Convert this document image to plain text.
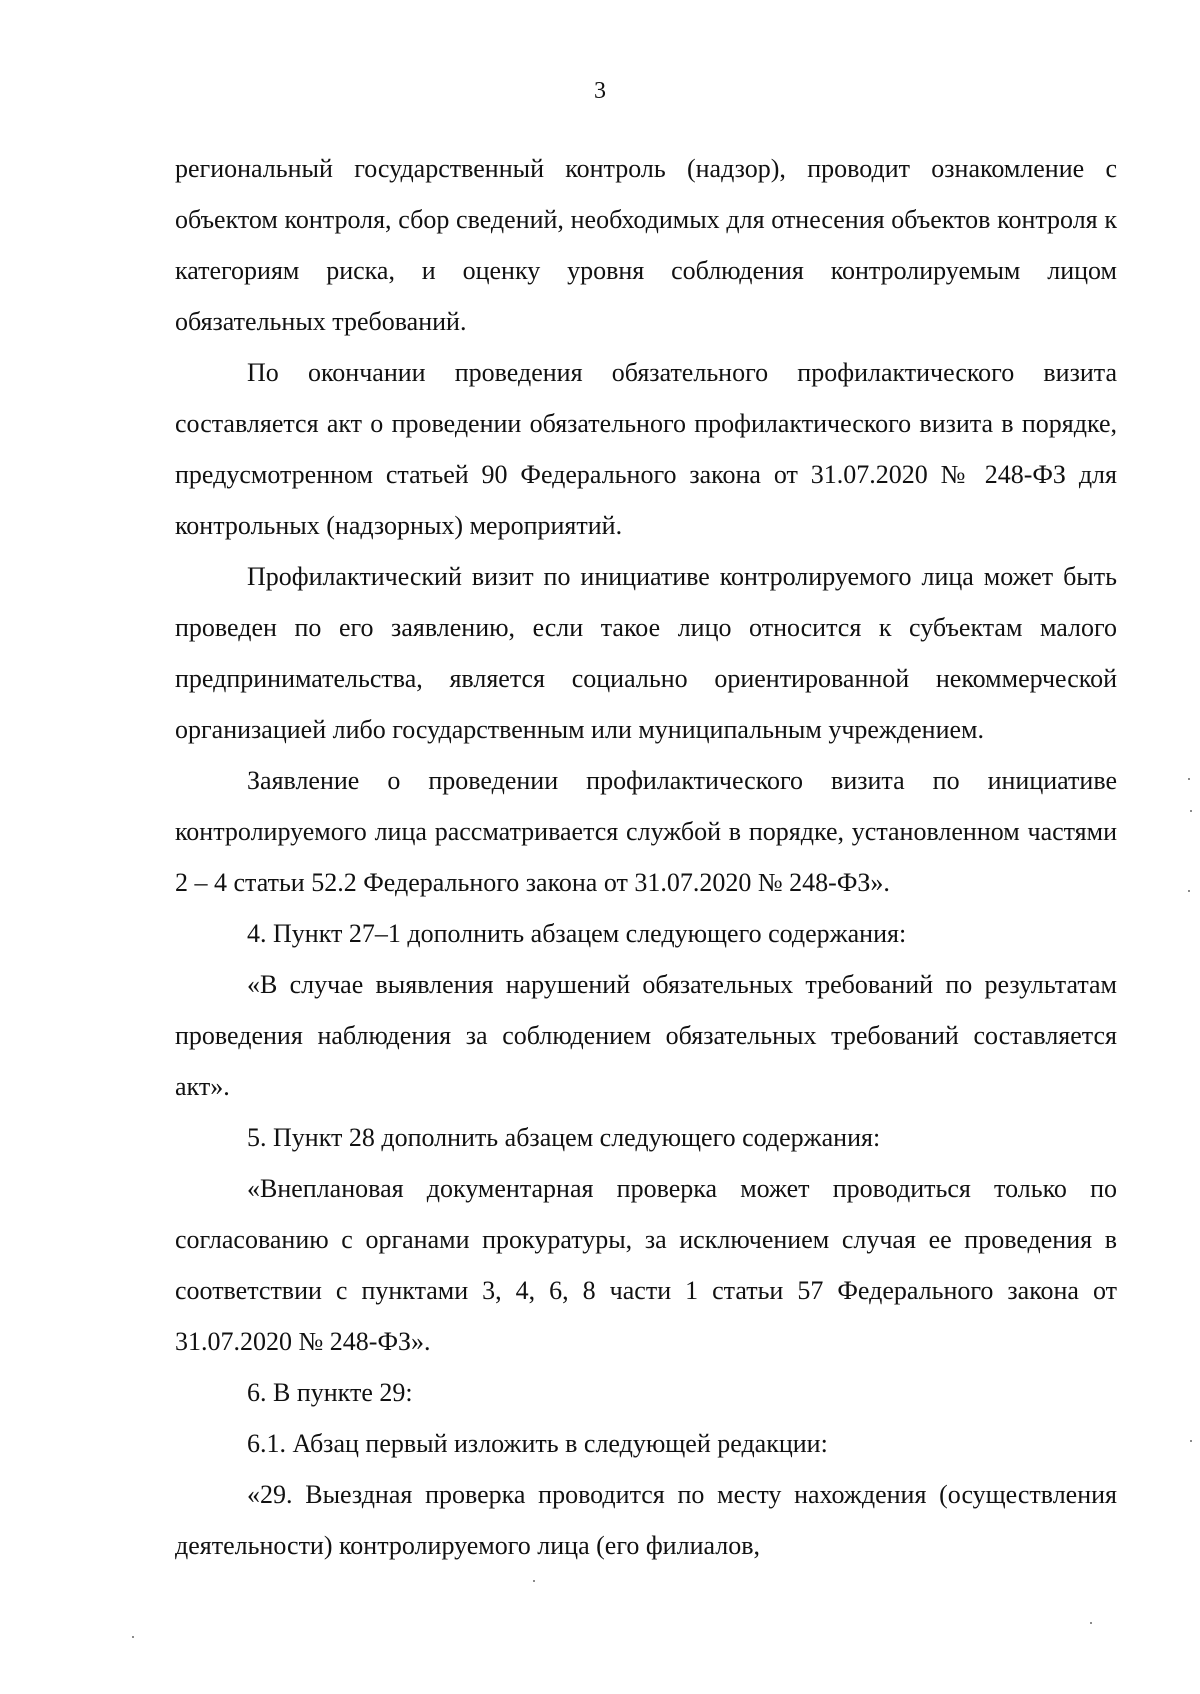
3

региональный государственный контроль (надзор), проводит ознакомление с объектом контроля, сбор сведений, необходимых для отнесения объектов контроля к категориям риска, и оценку уровня соблюдения контролируемым лицом обязательных требований.

По окончании проведения обязательного профилактического визита составляется акт о проведении обязательного профилактического визита в порядке, предусмотренном статьей 90 Федерального закона от 31.07.2020 № 248-ФЗ для контрольных (надзорных) мероприятий.

Профилактический визит по инициативе контролируемого лица может быть проведен по его заявлению, если такое лицо относится к субъектам малого предпринимательства, является социально ориентированной некоммерческой организацией либо государственным или муниципальным учреждением.

Заявление о проведении профилактического визита по инициативе контролируемого лица рассматривается службой в порядке, установленном частями 2 – 4 статьи 52.2 Федерального закона от 31.07.2020 № 248-ФЗ».

4. Пункт 27–1 дополнить абзацем следующего содержания:

«В случае выявления нарушений обязательных требований по результатам проведения наблюдения за соблюдением обязательных требований составляется акт».

5. Пункт 28 дополнить абзацем следующего содержания:

«Внеплановая документарная проверка может проводиться только по согласованию с органами прокуратуры, за исключением случая ее проведения в соответствии с пунктами 3, 4, 6, 8 части 1 статьи 57 Федерального закона от 31.07.2020 № 248-ФЗ».

6. В пункте 29:

6.1. Абзац первый изложить в следующей редакции:

«29. Выездная проверка проводится по месту нахождения (осуществления деятельности) контролируемого лица (его филиалов,
